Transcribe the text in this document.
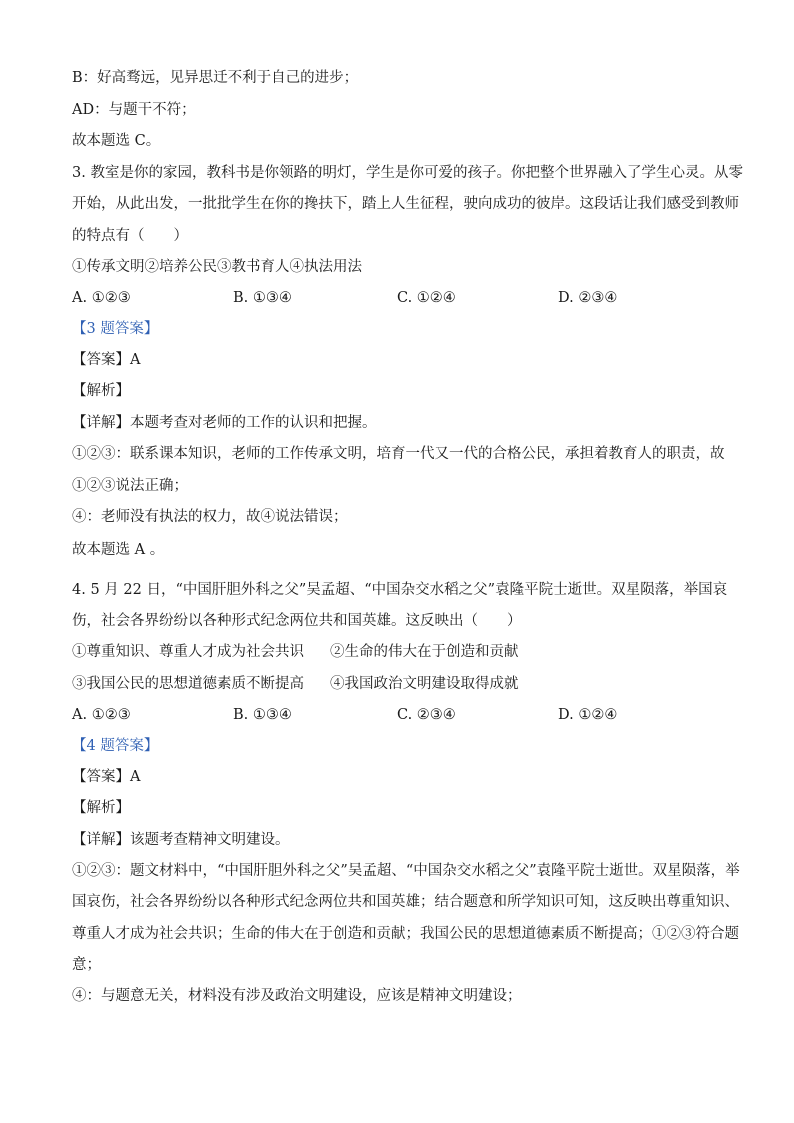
B：好高骛远，见异思迁不利于自己的进步；
AD：与题干不符；
故本题选 C。
3. 教室是你的家园，教科书是你领路的明灯，学生是你可爱的孩子。你把整个世界融入了学生心灵。从零
开始，从此出发，一批批学生在你的搀扶下，踏上人生征程，驶向成功的彼岸。这段话让我们感受到教师
的特点有（　　）
①传承文明②培养公民③教书育人④执法用法
A. ①②③	B. ①③④	C. ①②④	D. ②③④
【3 题答案】
【答案】A
【解析】
【详解】本题考查对老师的工作的认识和把握。
①②③：联系课本知识，老师的工作传承文明，培育一代又一代的合格公民，承担着教育人的职责，故
①②③说法正确；
④：老师没有执法的权力，故④说法错误；
故本题选 A 。
4. 5 月 22 日，“中国肝胆外科之父”吴孟超、“中国杂交水稻之父”袁隆平院士逝世。双星陨落，举国哀
伤，社会各界纷纷以各种形式纪念两位共和国英雄。这反映出（　　）
①尊重知识、尊重人才成为社会共识 ②生命的伟大在于创造和贡献
③我国公民的思想道德素质不断提高 ④我国政治文明建设取得成就
A. ①②③	B. ①③④	C. ②③④	D. ①②④
【4 题答案】
【答案】A
【解析】
【详解】该题考查精神文明建设。
①②③：题文材料中，“中国肝胆外科之父”吴孟超、“中国杂交水稻之父”袁隆平院士逝世。双星陨落，举
国哀伤，社会各界纷纷以各种形式纪念两位共和国英雄；结合题意和所学知识可知，这反映出尊重知识、
尊重人才成为社会共识；生命的伟大在于创造和贡献；我国公民的思想道德素质不断提高；①②③符合题
意；
④：与题意无关，材料没有涉及政治文明建设，应该是精神文明建设；
